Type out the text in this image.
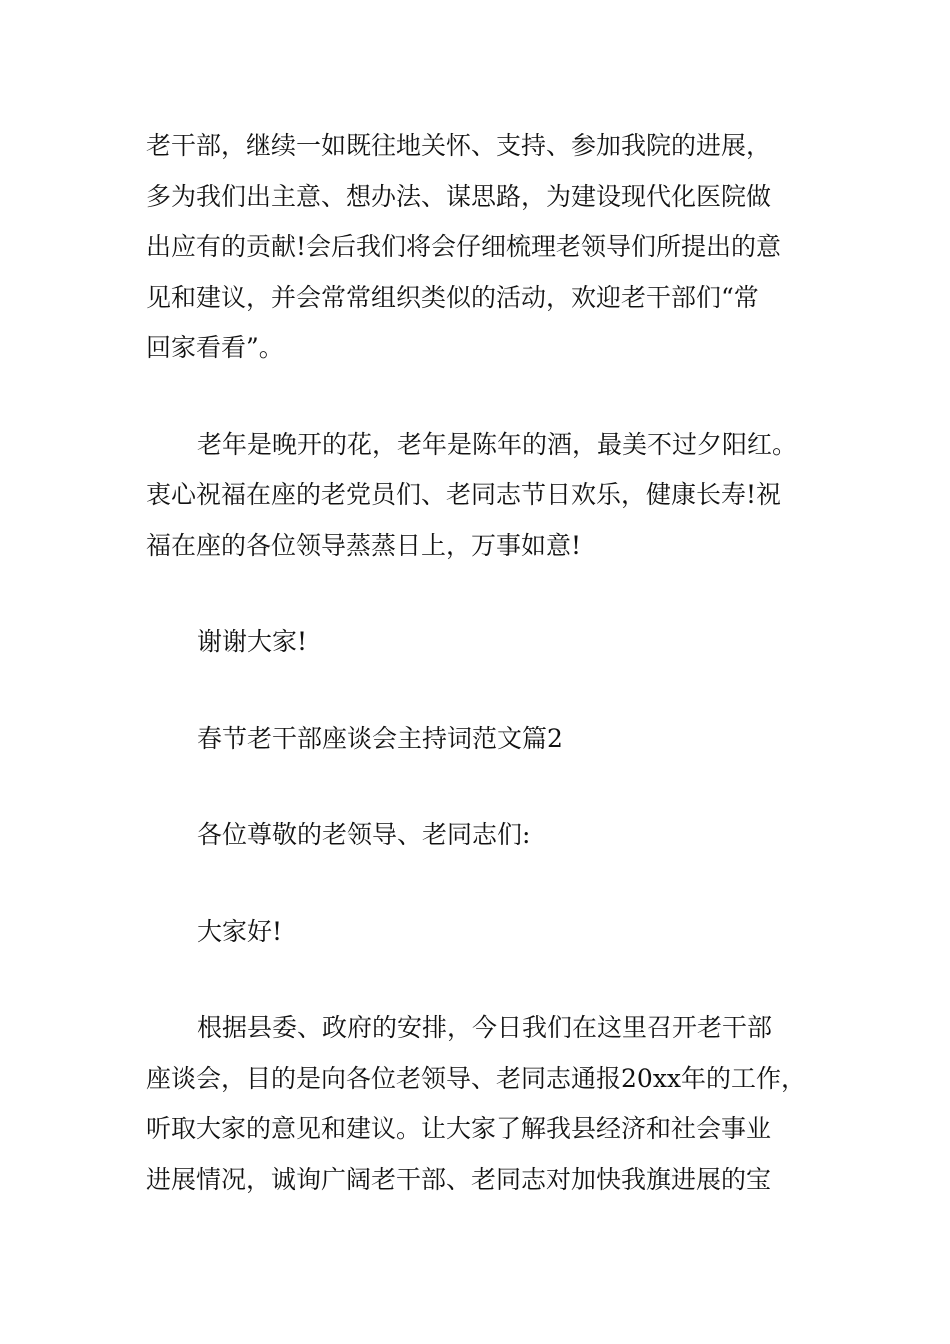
老干部，继续一如既往地关怀、支持、参加我院的进展，
多为我们出主意、想办法、谋思路，为建设现代化医院做
出应有的贡献!会后我们将会仔细梳理老领导们所提出的意
见和建议，并会常常组织类似的活动，欢迎老干部们“常
回家看看”。
老年是晚开的花，老年是陈年的酒，最美不过夕阳红。
衷心祝福在座的老党员们、老同志节日欢乐，健康长寿!祝
福在座的各位领导蒸蒸日上，万事如意!
谢谢大家!
春节老干部座谈会主持词范文篇2
各位尊敬的老领导、老同志们:
大家好!
根据县委、政府的安排，今日我们在这里召开老干部
座谈会，目的是向各位老领导、老同志通报20xx年的工作，
听取大家的意见和建议。让大家了解我县经济和社会事业
进展情况，诚询广阔老干部、老同志对加快我旗进展的宝
